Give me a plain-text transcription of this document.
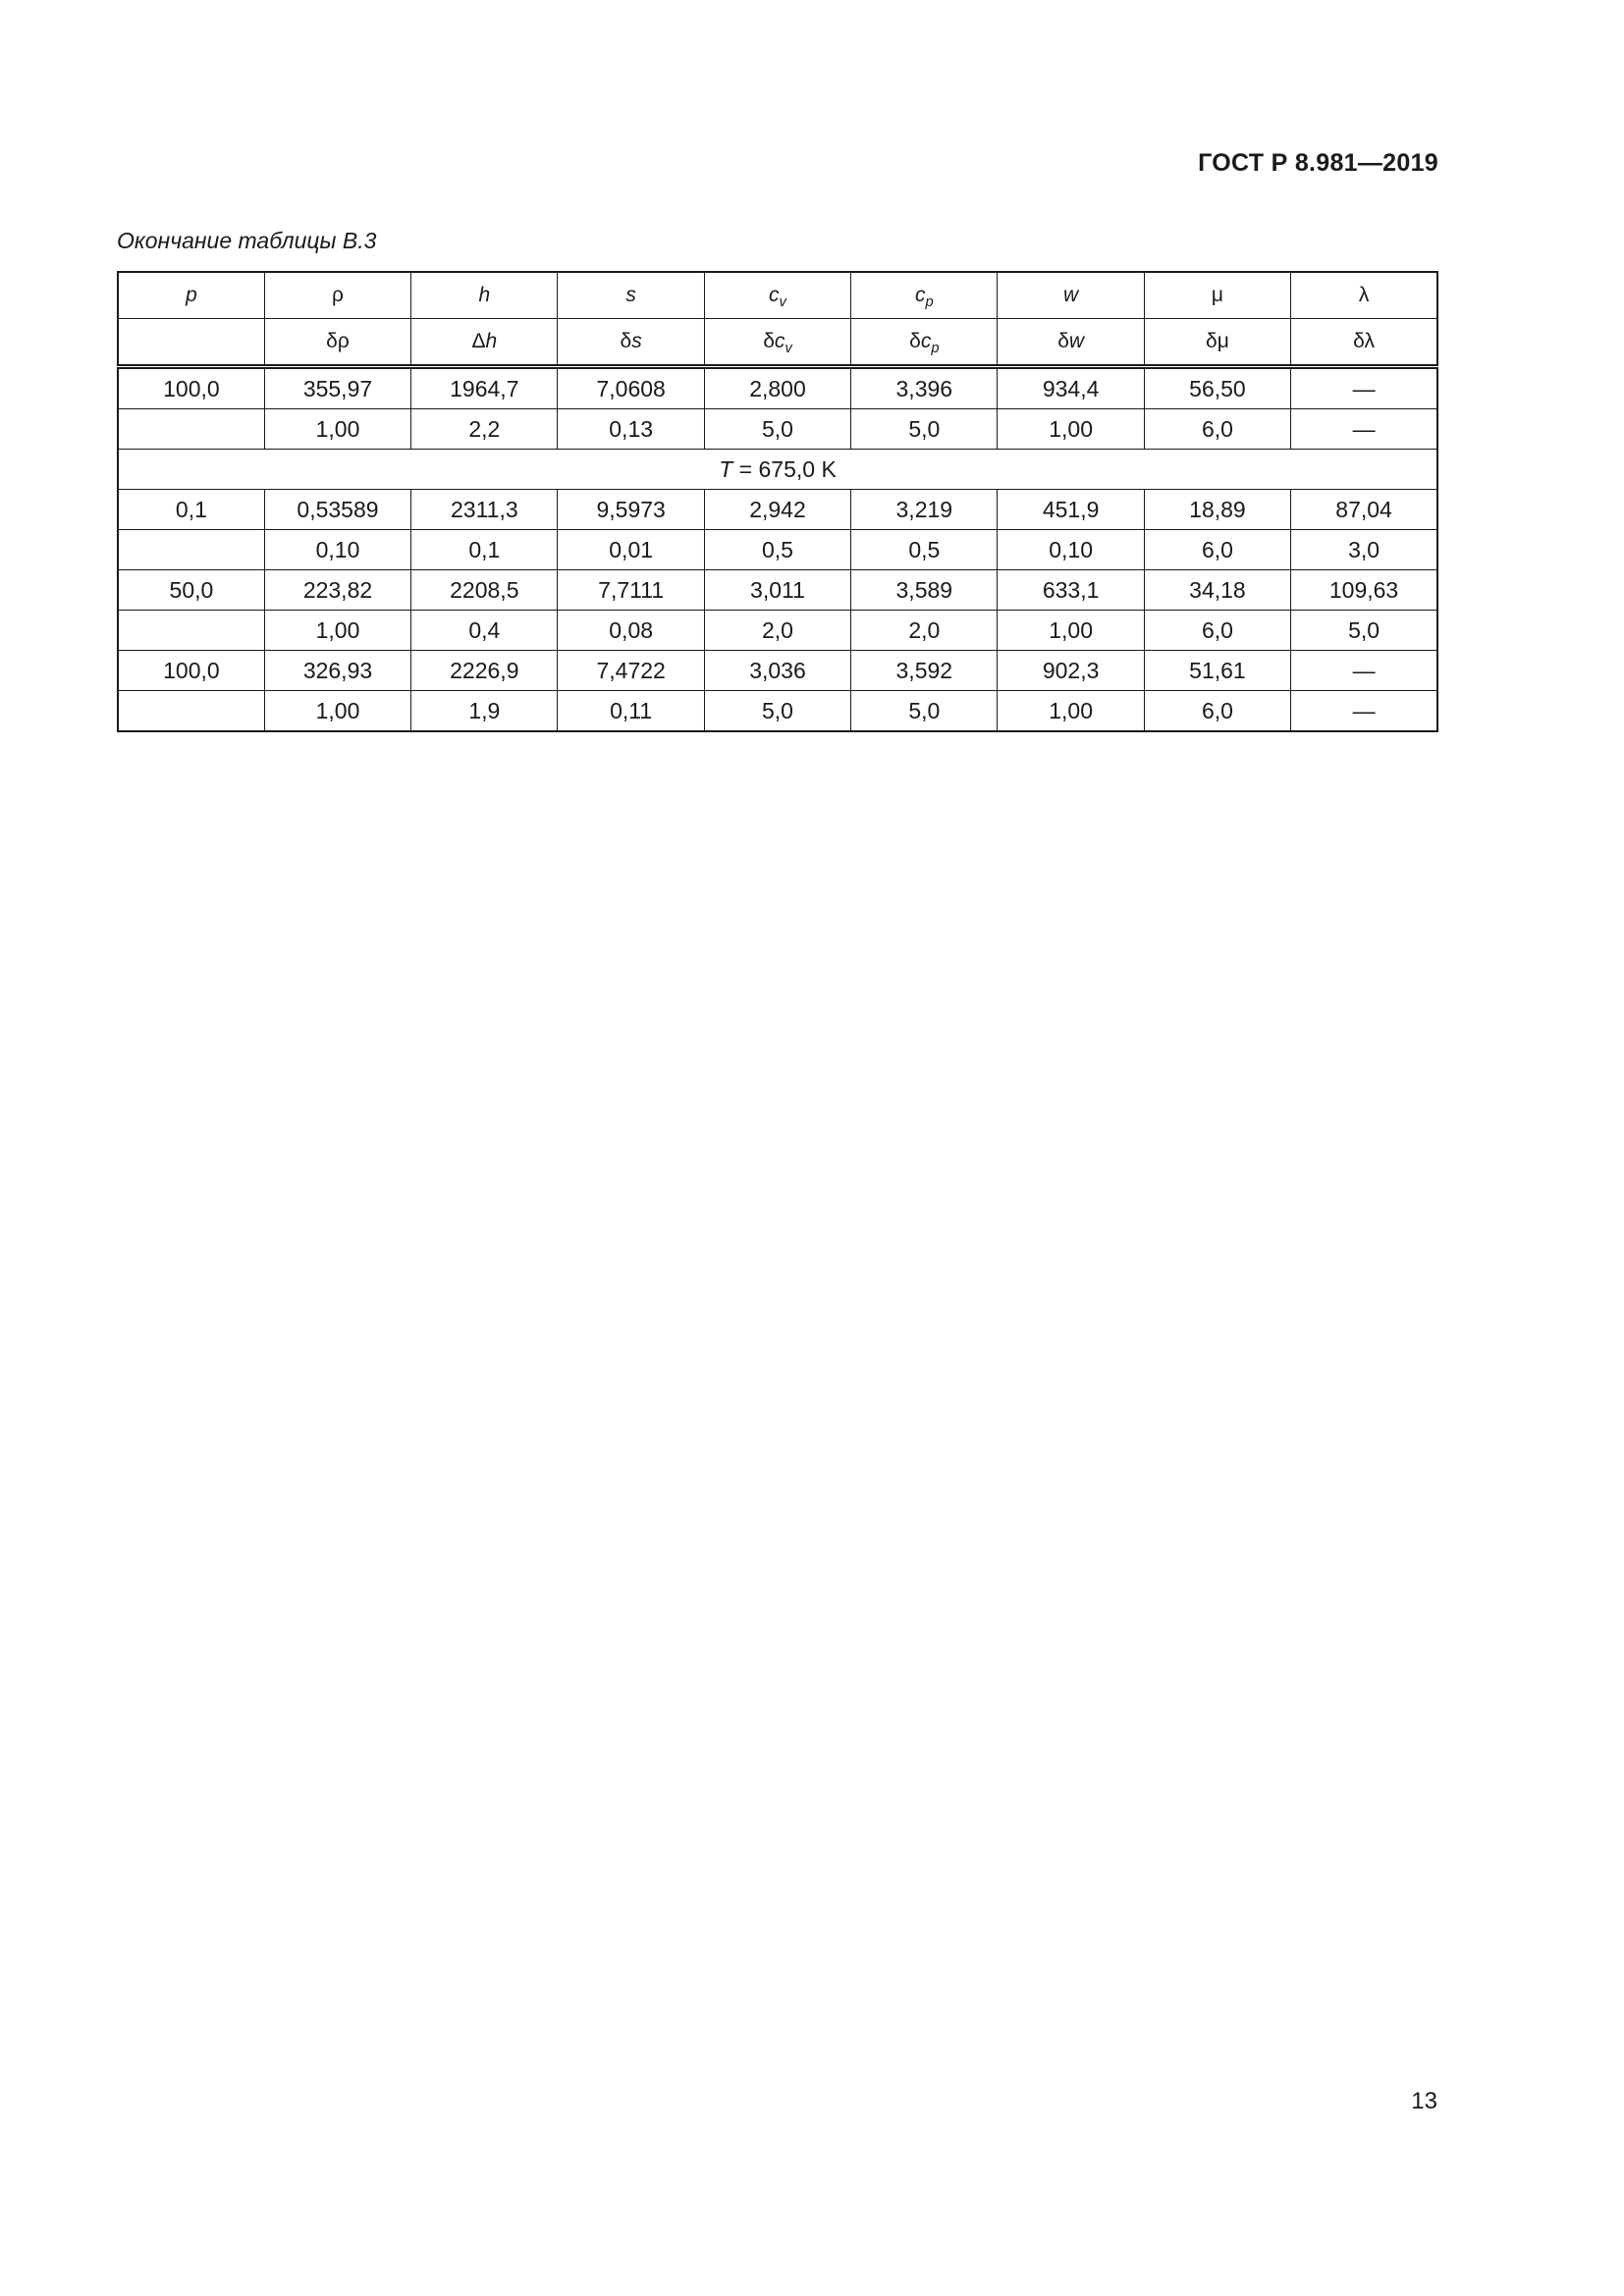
ГОСТ Р 8.981—2019
Окончание таблицы В.3
p	ρ	h	s	$c_v$	$c_p$	w	μ	λ
	δρ	Δh	δs	$\delta c_v$	$\delta c_p$	δw	δμ	δλ
100,0	355,97	1964,7	7,0608	2,800	3,396	934,4	56,50	—
	1,00	2,2	0,13	5,0	5,0	1,00	6,0	—
T = 675,0 K								
0,1	0,53589	2311,3	9,5973	2,942	3,219	451,9	18,89	87,04
	0,10	0,1	0,01	0,5	0,5	0,10	6,0	3,0
50,0	223,82	2208,5	7,7111	3,011	3,589	633,1	34,18	109,63
	1,00	0,4	0,08	2,0	2,0	1,00	6,0	5,0
100,0	326,93	2226,9	7,4722	3,036	3,592	902,3	51,61	—
	1,00	1,9	0,11	5,0	5,0	1,00	6,0	—
13
